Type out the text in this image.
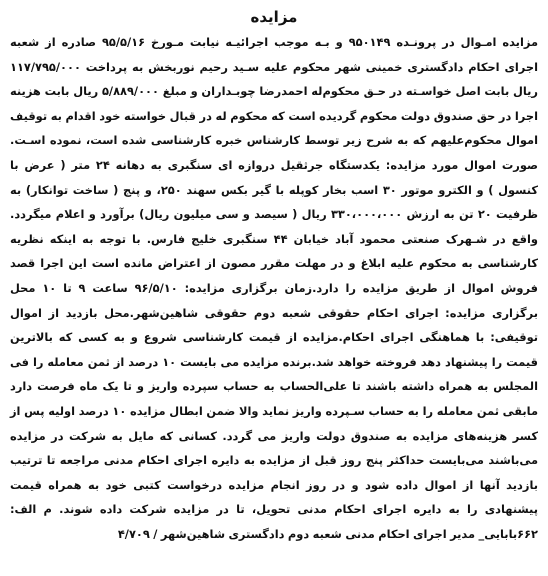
مزایده
مزایده امـوال در پرونـده ۹۵۰۱۴۹ و بـه موجب اجرائیـه نیابت مـورخ ۹۵/۵/۱۶ صادره از شعبه اجرای احکام دادگستری خمینی شهر محکوم علیه سـید رحیم نوربخش به پرداخت ۱۱۷/۷۹۵/۰۰۰ ریال بابت اصل خواسـته در حـق محکوم‌له احمدرضا چوبـداران و مبلغ ۵/۸۸۹/۰۰۰ ریال بابت هزینه اجرا در حق صندوق دولت محکوم گردیده است که محکوم له در قبال خواسته خود اقدام به توقیف اموال محکوم‌علیهم که به شرح زیر توسط کارشناس خبره کارشناسی شده است، نموده اسـت. صورت اموال مورد مزایده: یکدستگاه جرثقیل دروازه ای سنگبری به دهانه ۲۴ متر ( عرض با کنسول ) و الکترو موتور ۳۰ اسب بخار کوپله با گیر بکس سهند ۲۵۰، و پنج ( ساخت توانکار) به ظرفیت ۲۰ تن به ارزش ۳۳۰،۰۰۰،۰۰۰ ریال ( سیصد و سی میلیون ریال) برآورد و اعلام میگردد. واقع در شـهرک صنعتی محمود آباد خیابان ۴۴ سنگبری خلیج فارس. با توجه به اینکه نظریه کارشناسی به محکوم علیه ابلاغ و در مهلت مقرر مصون از اعتراض مانده است این اجرا قصد فروش اموال از طریق مزایده را دارد.زمان برگزاری مزایده: ۹۶/۵/۱۰ ساعت ۹ تا ۱۰ محل برگزاری مزایده: اجرای احکام حقوقی شعبه دوم حقوقی شاهین‌شهر.محل بازدید از اموال توقیفی: با هماهنگی اجرای احکام.مزایده از قیمت کارشناسی شروع و به کسی که بالاترین قیمت را پیشنهاد دهد فروخته خواهد شد.برنده مزایده می بایست ۱۰ درصد از ثمن معامله را فی المجلس به همراه داشته باشند تا علی‌الحساب به حساب سپرده واریز و تا یک ماه فرصت دارد مابقی ثمن معامله را به حساب سـپرده واریز نماید والا ضمن ابطال مزایده ۱۰ درصد اولیه پس از کسر هزینه‌های مزایده به صندوق دولت واریز می گردد. کسانی که مایل به شرکت در مزایده می‌باشند می‌بایست حداکثر پنج روز قبل از مزایده به دایره اجرای احکام مدنی مراجعه تا ترتیب بازدید آنها از اموال داده شود و در روز انجام مزایده درخواست کتبی خود به همراه قیمت پیشنهادی را به دایره اجرای احکام مدنی تحویل، تا در مزایده شرکت داده شوند. م الف: ۶۶۲بابایی_ مدیر اجرای احکام مدنی شعبه دوم دادگستری شاهین‌شهر / ۴/۷۰۹
